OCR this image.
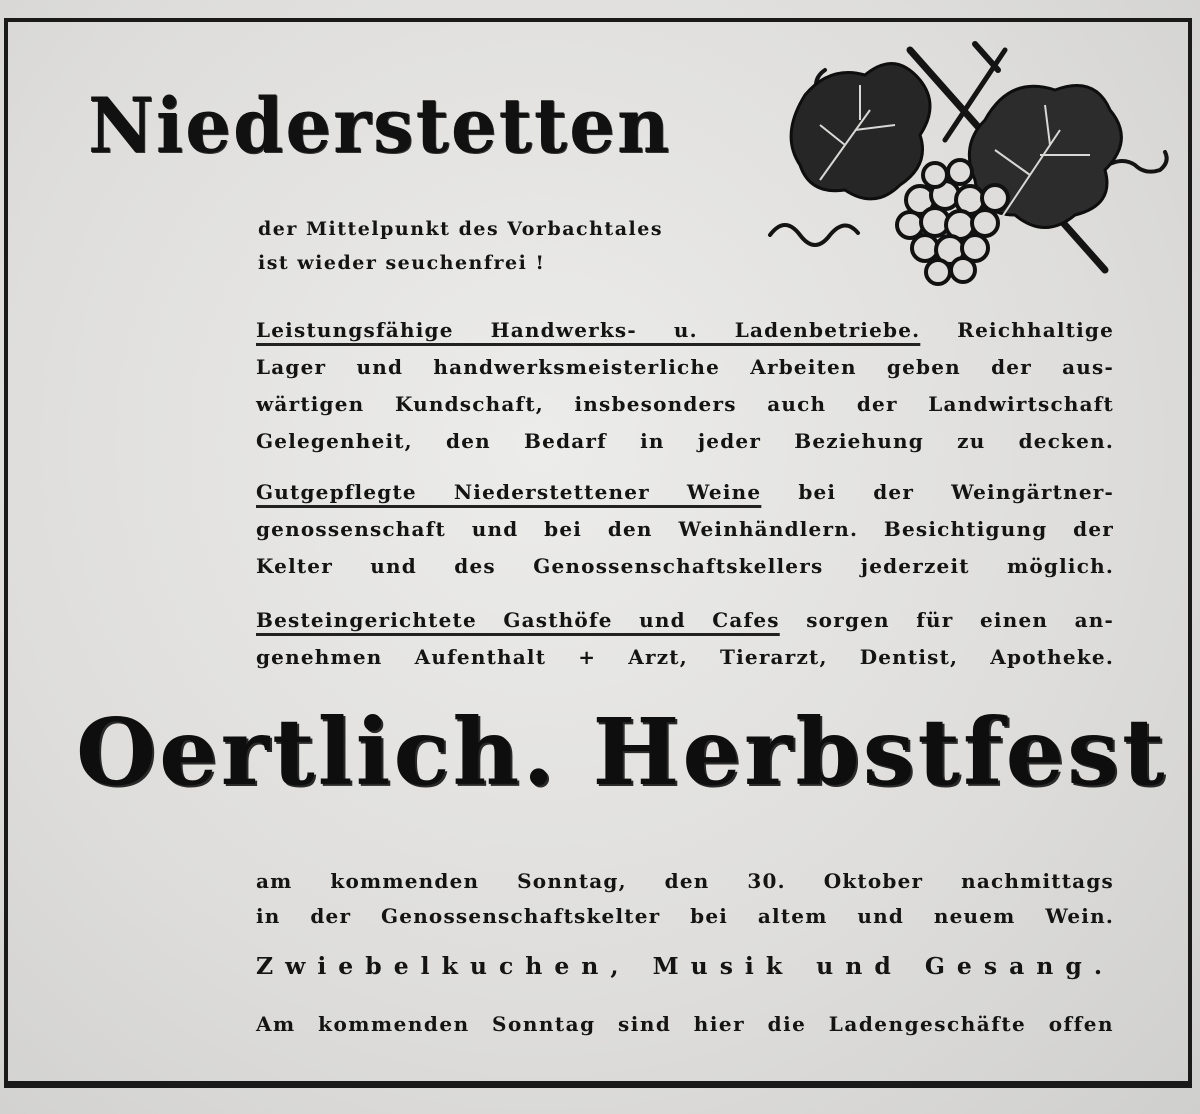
Niederstetten
der Mittelpunkt des Vorbachtales
ist wieder seuchenfrei !
Leistungsfähige Handwerks- u. Ladenbetriebe. Reichhaltige
Lager und handwerksmeisterliche Arbeiten geben der aus-
wärtigen Kundschaft, insbesonders auch der Landwirtschaft
Gelegenheit, den Bedarf in jeder Beziehung zu decken.
Gutgepflegte Niederstettener Weine bei der Weingärtner-
genossenschaft und bei den Weinhändlern. Besichtigung der
Kelter und des Genossenschaftskellers jederzeit möglich.
Besteingerichtete Gasthöfe und Cafes sorgen für einen an-
genehmen Aufenthalt + Arzt, Tierarzt, Dentist, Apotheke.
Oertlich. Herbstfest
am kommenden Sonntag, den 30. Oktober nachmittags
in der Genossenschaftskelter bei altem und neuem Wein.
Zwiebelkuchen, Musik und Gesang.
Am kommenden Sonntag sind hier die Ladengeschäfte offen
